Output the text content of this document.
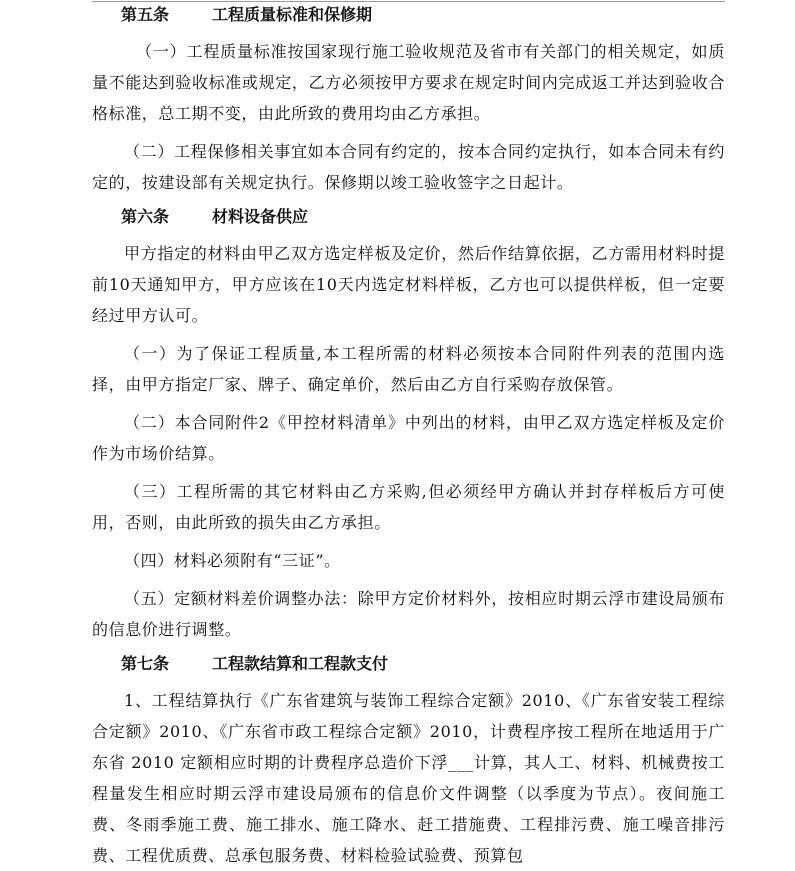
第五条	工程质量标准和保修期

（一）工程质量标准按国家现行施工验收规范及省市有关部门的相关规定，如质量不能达到验收标准或规定，乙方必须按甲方要求在规定时间内完成返工并达到验收合格标准，总工期不变，由此所致的费用均由乙方承担。

（二）工程保修相关事宜如本合同有约定的，按本合同约定执行，如本合同未有约定的，按建设部有关规定执行。保修期以竣工验收签字之日起计。

第六条	材料设备供应

甲方指定的材料由甲乙双方选定样板及定价，然后作结算依据，乙方需用材料时提前10天通知甲方，甲方应该在10天内选定材料样板，乙方也可以提供样板，但一定要经过甲方认可。

（一）为了保证工程质量,本工程所需的材料必须按本合同附件列表的范围内选择，由甲方指定厂家、牌子、确定单价，然后由乙方自行采购存放保管。

（二）本合同附件2《甲控材料清单》中列出的材料，由甲乙双方选定样板及定价作为市场价结算。

（三）工程所需的其它材料由乙方采购,但必须经甲方确认并封存样板后方可使用，否则，由此所致的损失由乙方承担。

（四）材料必须附有“三证”。

（五）定额材料差价调整办法：除甲方定价材料外，按相应时期云浮市建设局颁布的信息价进行调整。

第七条	工程款结算和工程款支付

1、工程结算执行《广东省建筑与装饰工程综合定额》2010、《广东省安装工程综合定额》2010、《广东省市政工程综合定额》2010，计费程序按工程所在地适用于广东省 2010 定额相应时期的计费程序总造价下浮___计算，其人工、材料、机械费按工程量发生相应时期云浮市建设局颁布的信息价文件调整（以季度为节点）。夜间施工费、冬雨季施工费、施工排水、施工降水、赶工措施费、工程排污费、施工噪音排污费、工程优质费、总承包服务费、材料检验试验费、预算包
